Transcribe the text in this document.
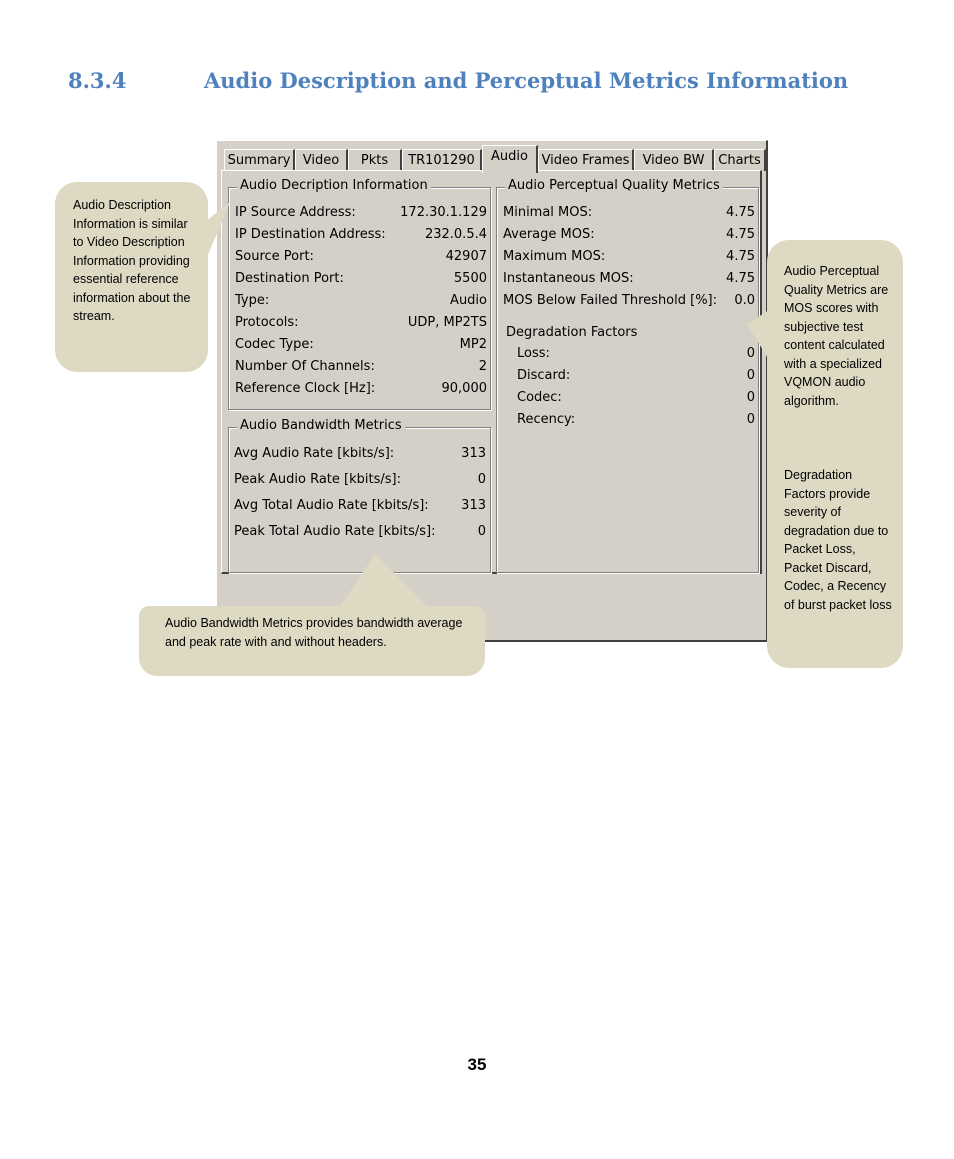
8.3.4	Audio Description and Perceptual Metrics Information
Summary Video	Pkts	TR101290	Audio	Video Frames	Video BW	Charts
Audio Decription Information
IP Source Address:	172.30.1.129
IP Destination Address:	232.0.5.4
Source Port:	42907
Destination Port:	5500
Type:	Audio
Protocols:	UDP, MP2TS
Codec Type:	MP2
Number Of Channels:	2
Reference Clock [Hz]:	90,000
Audio Bandwidth Metrics
Avg Audio Rate [kbits/s]:	313
Peak Audio Rate [kbits/s]:	0
Avg Total Audio Rate [kbits/s]:	313
Peak Total Audio Rate [kbits/s]:	0
Audio Perceptual Quality Metrics
Minimal MOS:	4.75
Average MOS:	4.75
Maximum MOS:	4.75
Instantaneous MOS:	4.75
MOS Below Failed Threshold [%]: 0.0
Degradation Factors
Loss:	0
Discard:	0
Codec:	0
Recency:	0
Audio Description Information is similar to Video Description Information providing essential reference information about the stream.
Audio Bandwidth Metrics provides bandwidth average and peak rate with and without headers.
Audio Perceptual Quality Metrics are MOS scores with subjective test content calculated with a specialized VQMON audio algorithm.
Degradation Factors provide severity of degradation due to Packet Loss, Packet Discard, Codec, a Recency of burst packet loss
35
